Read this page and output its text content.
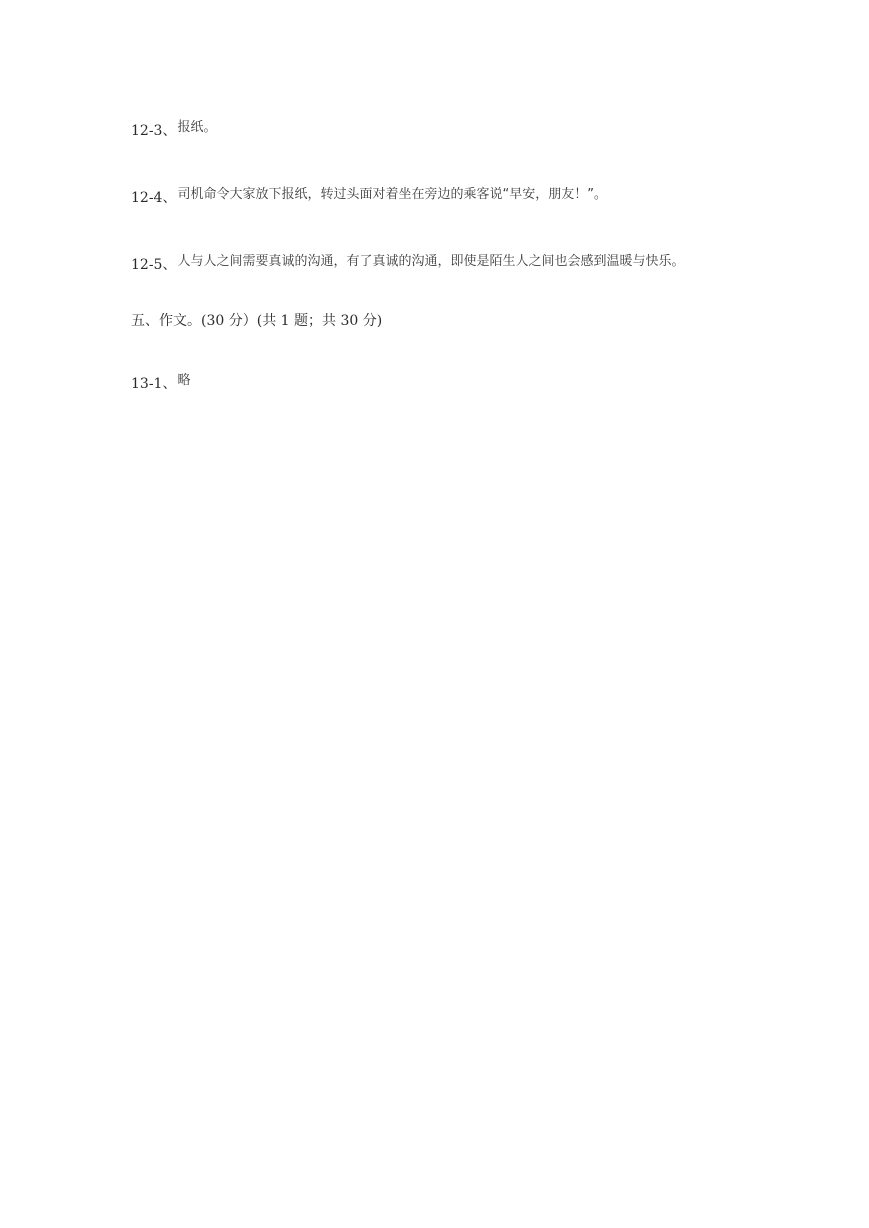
12-3、 报纸。
12-4、 司机命令大家放下报纸，转过头面对着坐在旁边的乘客说“早安，朋友！”。
12-5、 人与人之间需要真诚的沟通，有了真诚的沟通，即使是陌生人之间也会感到温暖与快乐。
五、作文。(30 分）(共 1 题；共 30 分)
13-1、 略
